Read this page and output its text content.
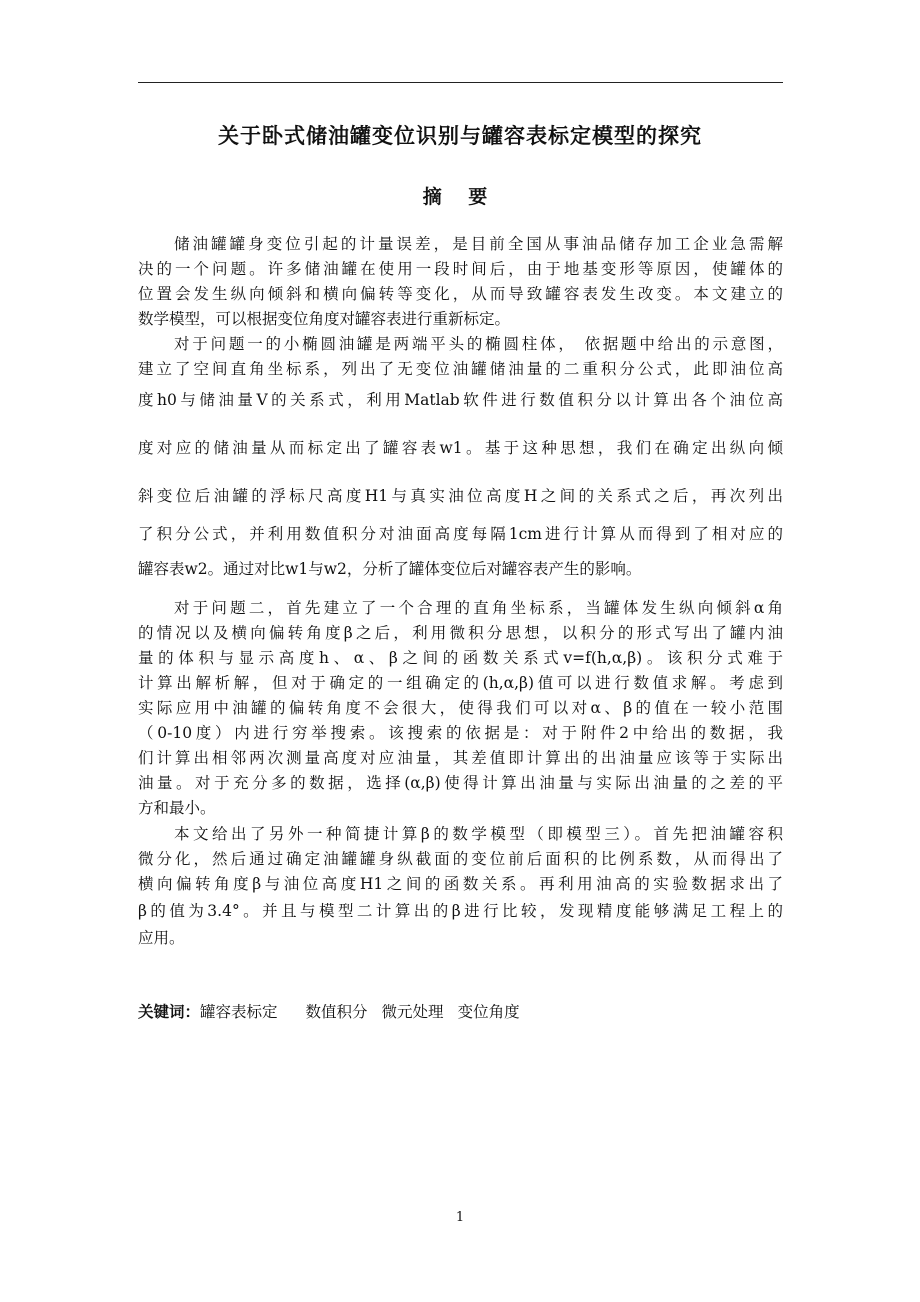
关于卧式储油罐变位识别与罐容表标定模型的探究
摘 要
储油罐罐身变位引起的计量误差，是目前全国从事油品储存加工企业急需解
决的一个问题。许多储油罐在使用一段时间后，由于地基变形等原因，使罐体的
位置会发生纵向倾斜和横向偏转等变化，从而导致罐容表发生改变。本文建立的
数学模型，可以根据变位角度对罐容表进行重新标定。
对于问题一的小椭圆油罐是两端平头的椭圆柱体， 依据题中给出的示意图，
建立了空间直角坐标系，列出了无变位油罐储油量的二重积分公式，此即油位高
度h0与储油量V的关系式，利用Matlab软件进行数值积分以计算出各个油位高
度对应的储油量从而标定出了罐容表w1。基于这种思想，我们在确定出纵向倾
斜变位后油罐的浮标尺高度H1与真实油位高度H之间的关系式之后，再次列出
了积分公式，并利用数值积分对油面高度每隔1cm进行计算从而得到了相对应的
罐容表w2。通过对比w1与w2，分析了罐体变位后对罐容表产生的影响。
对于问题二，首先建立了一个合理的直角坐标系，当罐体发生纵向倾斜α角
的情况以及横向偏转角度β之后，利用微积分思想，以积分的形式写出了罐内油
量的体积与显示高度h、α、β之间的函数关系式v=f(h,α,β)。该积分式难于
计算出解析解，但对于确定的一组确定的(h,α,β)值可以进行数值求解。考虑到
实际应用中油罐的偏转角度不会很大，使得我们可以对α、β的值在一较小范围
（0-10度）内进行穷举搜索。该搜索的依据是：对于附件2中给出的数据，我
们计算出相邻两次测量高度对应油量，其差值即计算出的出油量应该等于实际出
油量。对于充分多的数据，选择(α,β)使得计算出油量与实际出油量的之差的平
方和最小。
本文给出了另外一种简捷计算β的数学模型（即模型三）。首先把油罐容积
微分化，然后通过确定油罐罐身纵截面的变位前后面积的比例系数，从而得出了
横向偏转角度β与油位高度H1之间的函数关系。再利用油高的实验数据求出了
β的值为3.4°。并且与模型二计算出的β进行比较，发现精度能够满足工程上的
应用。
关键词：罐容表标定 数值积分 微元处理 变位角度
1
